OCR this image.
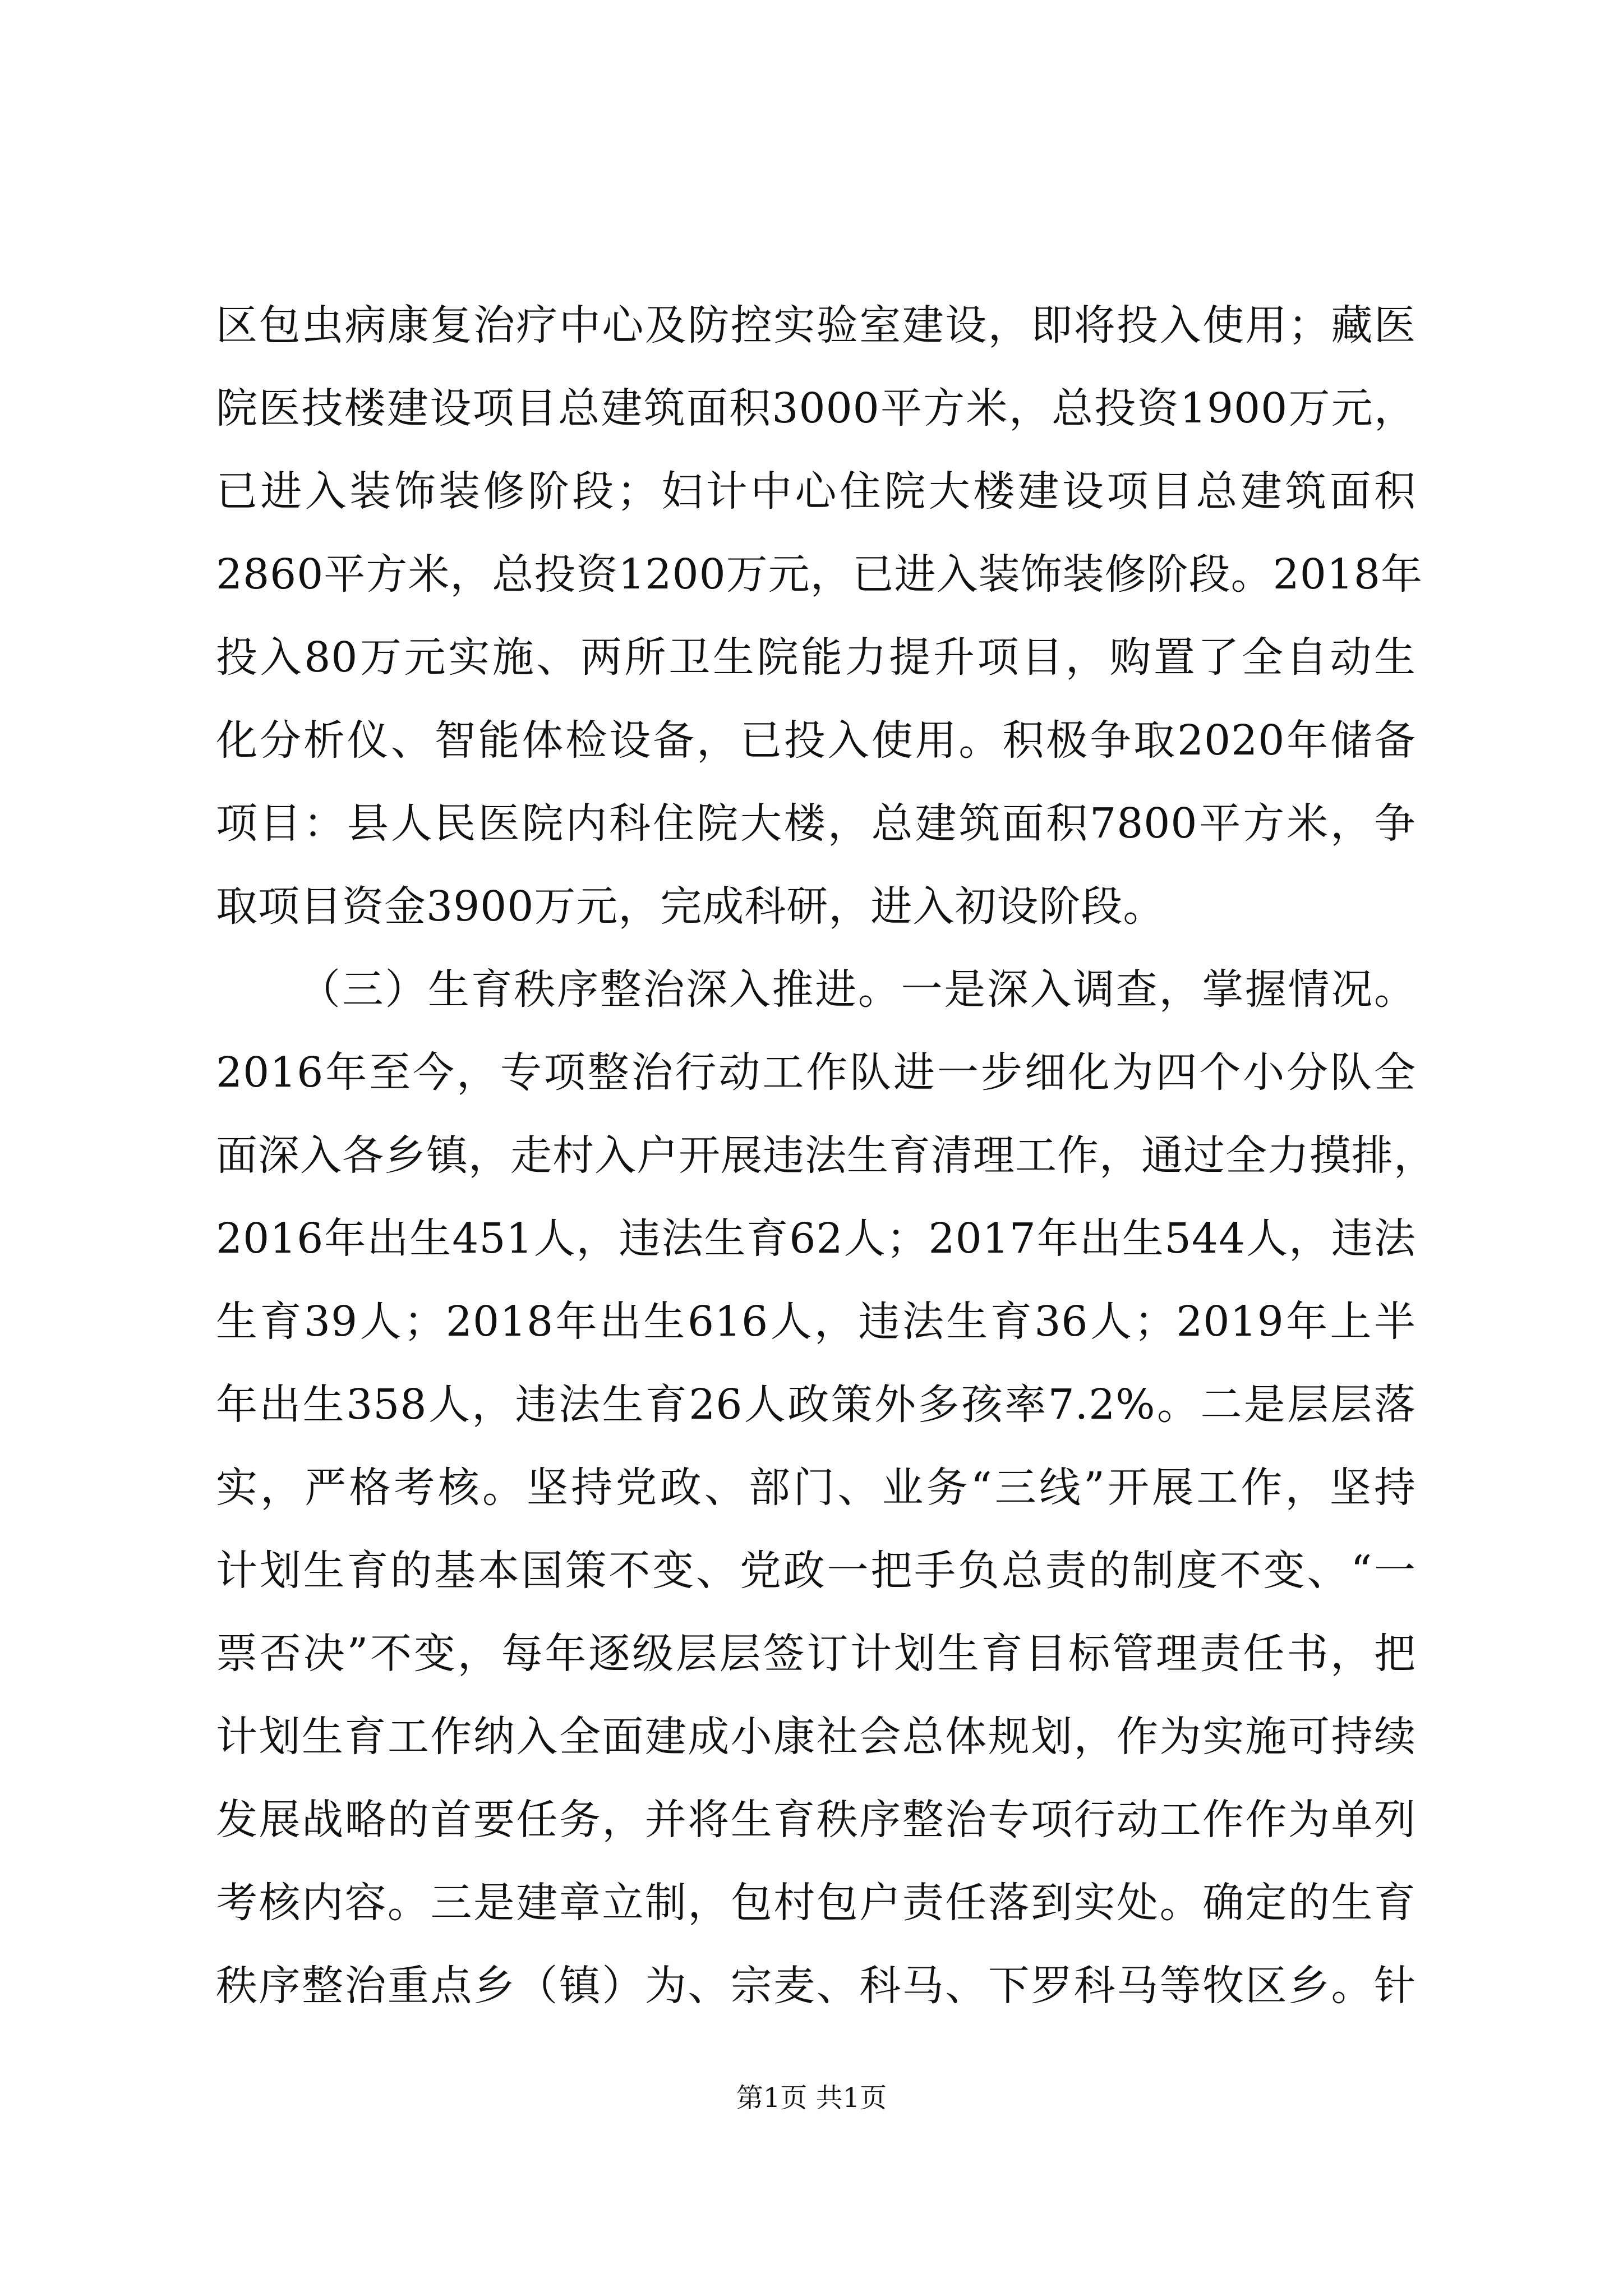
区包虫病康复治疗中心及防控实验室建设，即将投入使用；藏医
院医技楼建设项目总建筑面积3000平方米，总投资1900万元，
已进入装饰装修阶段；妇计中心住院大楼建设项目总建筑面积
2860平方米，总投资1200万元，已进入装饰装修阶段。2018年
投入80万元实施、两所卫生院能力提升项目，购置了全自动生
化分析仪、智能体检设备，已投入使用。积极争取2020年储备
项目：县人民医院内科住院大楼，总建筑面积7800平方米，争
取项目资金3900万元，完成科研，进入初设阶段。
（三）生育秩序整治深入推进。一是深入调查，掌握情况。
2016年至今，专项整治行动工作队进一步细化为四个小分队全
面深入各乡镇，走村入户开展违法生育清理工作，通过全力摸排，
2016年出生451人，违法生育62人；2017年出生544人，违法
生育39人；2018年出生616人，违法生育36人；2019年上半
年出生358人，违法生育26人政策外多孩率7.2%。二是层层落
实，严格考核。坚持党政、部门、业务“三线”开展工作，坚持
计划生育的基本国策不变、党政一把手负总责的制度不变、“一
票否决”不变，每年逐级层层签订计划生育目标管理责任书，把
计划生育工作纳入全面建成小康社会总体规划，作为实施可持续
发展战略的首要任务，并将生育秩序整治专项行动工作作为单列
考核内容。三是建章立制，包村包户责任落到实处。确定的生育
秩序整治重点乡（镇）为、宗麦、科马、下罗科马等牧区乡。针
第1页 共1页
